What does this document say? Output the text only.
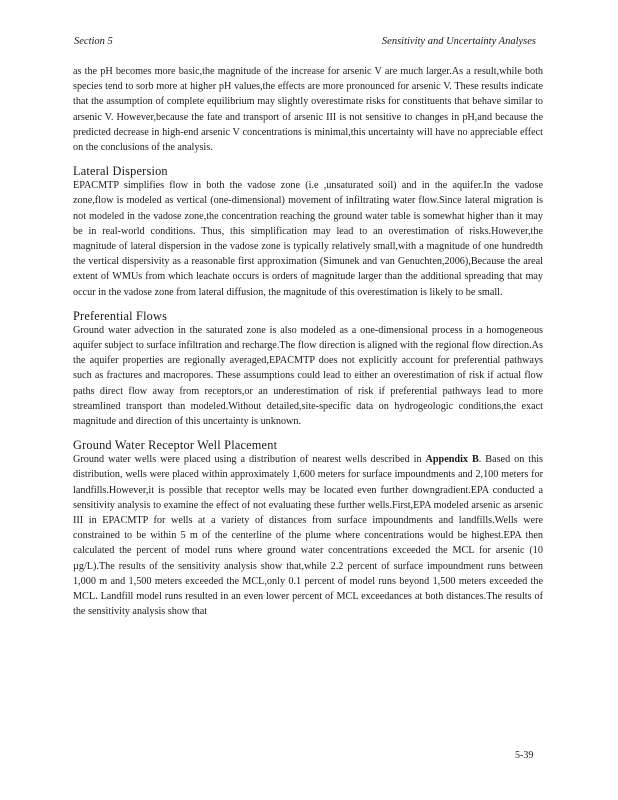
Section 5	Sensitivity and Uncertainty Analyses

as the pH becomes more basic,the magnitude of the increase for arsenic V are much larger.As a result,while both species tend to sorb more at higher pH values,the effects are more pronounced for arsenic V. These results indicate that the assumption of complete equilibrium may slightly overestimate risks for constituents that behave similar to arsenic V. However,because the fate and transport of arsenic III is not sensitive to changes in pH,and because the predicted decrease in high-end arsenic V concentrations is minimal,this uncertainty will have no appreciable effect on the conclusions of the analysis.

Lateral Dispersion

EPACMTP simplifies flow in both the vadose zone (i.e ,unsaturated soil) and in the aquifer.In the vadose zone,flow is modeled as vertical (one-dimensional) movement of infiltrating water flow.Since lateral migration is not modeled in the vadose zone,the concentration reaching the ground water table is somewhat higher than it may be in real-world conditions. Thus, this simplification may lead to an overestimation of risks.However,the magnitude of lateral dispersion in the vadose zone is typically relatively small,with a magnitude of one hundredth the vertical dispersivity as a reasonable first approximation (Simunek and van Genuchten,2006),Because the areal extent of WMUs from which leachate occurs is orders of magnitude larger than the additional spreading that may occur in the vadose zone from lateral diffusion, the magnitude of this overestimation is likely to be small.

Preferential Flows

Ground water advection in the saturated zone is also modeled as a one-dimensional process in a homogeneous aquifer subject to surface infiltration and recharge.The flow direction is aligned with the regional flow direction.As the aquifer properties are regionally averaged,EPACMTP does not explicitly account for preferential pathways such as fractures and macropores. These assumptions could lead to either an overestimation of risk if actual flow paths direct flow away from receptors,or an underestimation of risk if preferential pathways lead to more streamlined transport than modeled.Without detailed,site-specific data on hydrogeologic conditions,the exact magnitude and direction of this uncertainty is unknown.

Ground Water Receptor Well Placement

Ground water wells were placed using a distribution of nearest wells described in Appendix B. Based on this distribution, wells were placed within approximately 1,600 meters for surface impoundments and 2,100 meters for landfills.However,it is possible that receptor wells may be located even further downgradient.EPA conducted a sensitivity analysis to examine the effect of not evaluating these further wells.First,EPA modeled arsenic as arsenic III in EPACMTP for wells at a variety of distances from surface impoundments and landfills.Wells were constrained to be within 5 m of the centerline of the plume where concentrations would be highest.EPA then calculated the percent of model runs where ground water concentrations exceeded the MCL for arsenic (10 µg/L).The results of the sensitivity analysis show that,while 2.2 percent of surface impoundment runs between 1,000 m and 1,500 meters exceeded the MCL,only 0.1 percent of model runs beyond 1,500 meters exceeded the MCL. Landfill model runs resulted in an even lower percent of MCL exceedances at both distances.The results of the sensitivity analysis show that

5-39
